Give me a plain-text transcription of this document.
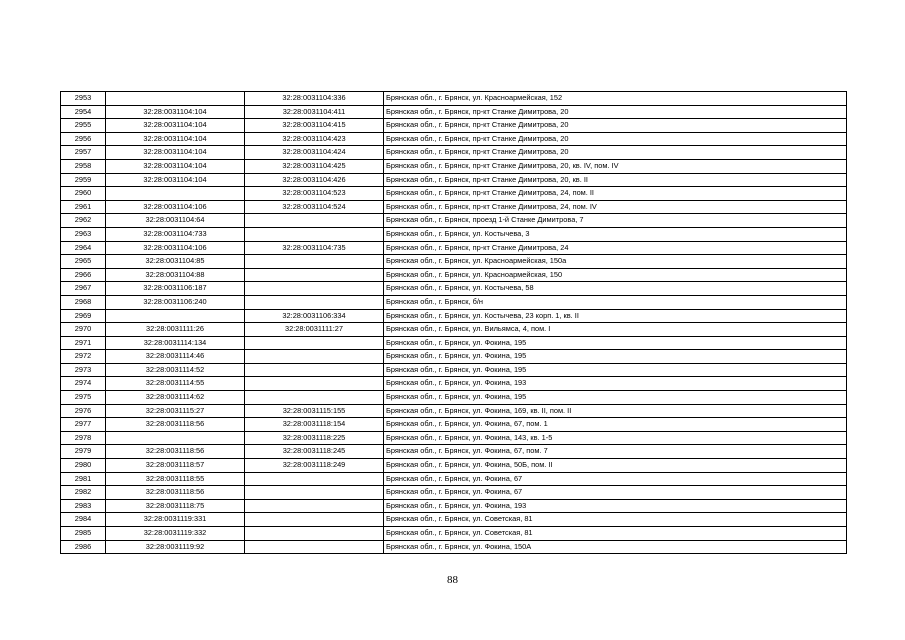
2953		32:28:0031104:336	Брянская обл., г. Брянск, ул. Красноармейская, 152
2954	32:28:0031104:104	32:28:0031104:411	Брянская обл., г. Брянск, пр-кт Станке Димитрова, 20
2955	32:28:0031104:104	32:28:0031104:415	Брянская обл., г. Брянск, пр-кт Станке Димитрова, 20
2956	32:28:0031104:104	32:28:0031104:423	Брянская обл., г. Брянск, пр-кт Станке Димитрова, 20
2957	32:28:0031104:104	32:28:0031104:424	Брянская обл., г. Брянск, пр-кт Станке Димитрова, 20
2958	32:28:0031104:104	32:28:0031104:425	Брянская обл., г. Брянск, пр-кт Станке Димитрова, 20, кв. IV, пом. IV
2959	32:28:0031104:104	32:28:0031104:426	Брянская обл., г. Брянск, пр-кт Станке Димитрова, 20, кв. II
2960		32:28:0031104:523	Брянская обл., г. Брянск, пр-кт Станке Димитрова, 24, пом. II
2961	32:28:0031104:106	32:28:0031104:524	Брянская обл., г. Брянск, пр-кт Станке Димитрова, 24, пом. IV
2962	32:28:0031104:64		Брянская обл., г. Брянск, проезд 1-й Станке Димитрова, 7
2963	32:28:0031104:733		Брянская обл., г. Брянск, ул. Костычева, 3
2964	32:28:0031104:106	32:28:0031104:735	Брянская обл., г. Брянск, пр-кт Станке Димитрова, 24
2965	32:28:0031104:85		Брянская обл., г. Брянск, ул. Красноармейская, 150а
2966	32:28:0031104:88		Брянская обл., г. Брянск, ул. Красноармейская, 150
2967	32:28:0031106:187		Брянская обл., г. Брянск, ул. Костычева, 58
2968	32:28:0031106:240		Брянская обл., г. Брянск, б/н
2969		32:28:0031106:334	Брянская обл., г. Брянск, ул. Костычева, 23 корп. 1, кв. II
2970	32:28:0031111:26	32:28:0031111:27	Брянская обл., г. Брянск, ул. Вильямса, 4, пом. I
2971	32:28:0031114:134		Брянская обл., г. Брянск, ул. Фокина, 195
2972	32:28:0031114:46		Брянская обл., г. Брянск, ул. Фокина, 195
2973	32:28:0031114:52		Брянская обл., г. Брянск, ул. Фокина, 195
2974	32:28:0031114:55		Брянская обл., г. Брянск, ул. Фокина, 193
2975	32:28:0031114:62		Брянская обл., г. Брянск, ул. Фокина, 195
2976	32:28:0031115:27	32:28:0031115:155	Брянская обл., г. Брянск, ул. Фокина, 169, кв. II, пом. II
2977	32:28:0031118:56	32:28:0031118:154	Брянская обл., г. Брянск, ул. Фокина, 67, пом. 1
2978		32:28:0031118:225	Брянская обл., г. Брянск, ул. Фокина, 143, кв. 1-5
2979	32:28:0031118:56	32:28:0031118:245	Брянская обл., г. Брянск, ул. Фокина, 67, пом. 7
2980	32:28:0031118:57	32:28:0031118:249	Брянская обл., г. Брянск, ул. Фокина, 50Б, пом. II
2981	32:28:0031118:55		Брянская обл., г. Брянск, ул. Фокина, 67
2982	32:28:0031118:56		Брянская обл., г. Брянск, ул. Фокина, 67
2983	32:28:0031118:75		Брянская обл., г. Брянск, ул. Фокина, 193
2984	32:28:0031119:331		Брянская обл., г. Брянск, ул. Советская, 81
2985	32:28:0031119:332		Брянская обл., г. Брянск, ул. Советская, 81
2986	32:28:0031119:92		Брянская обл., г. Брянск, ул. Фокина, 150А
88
